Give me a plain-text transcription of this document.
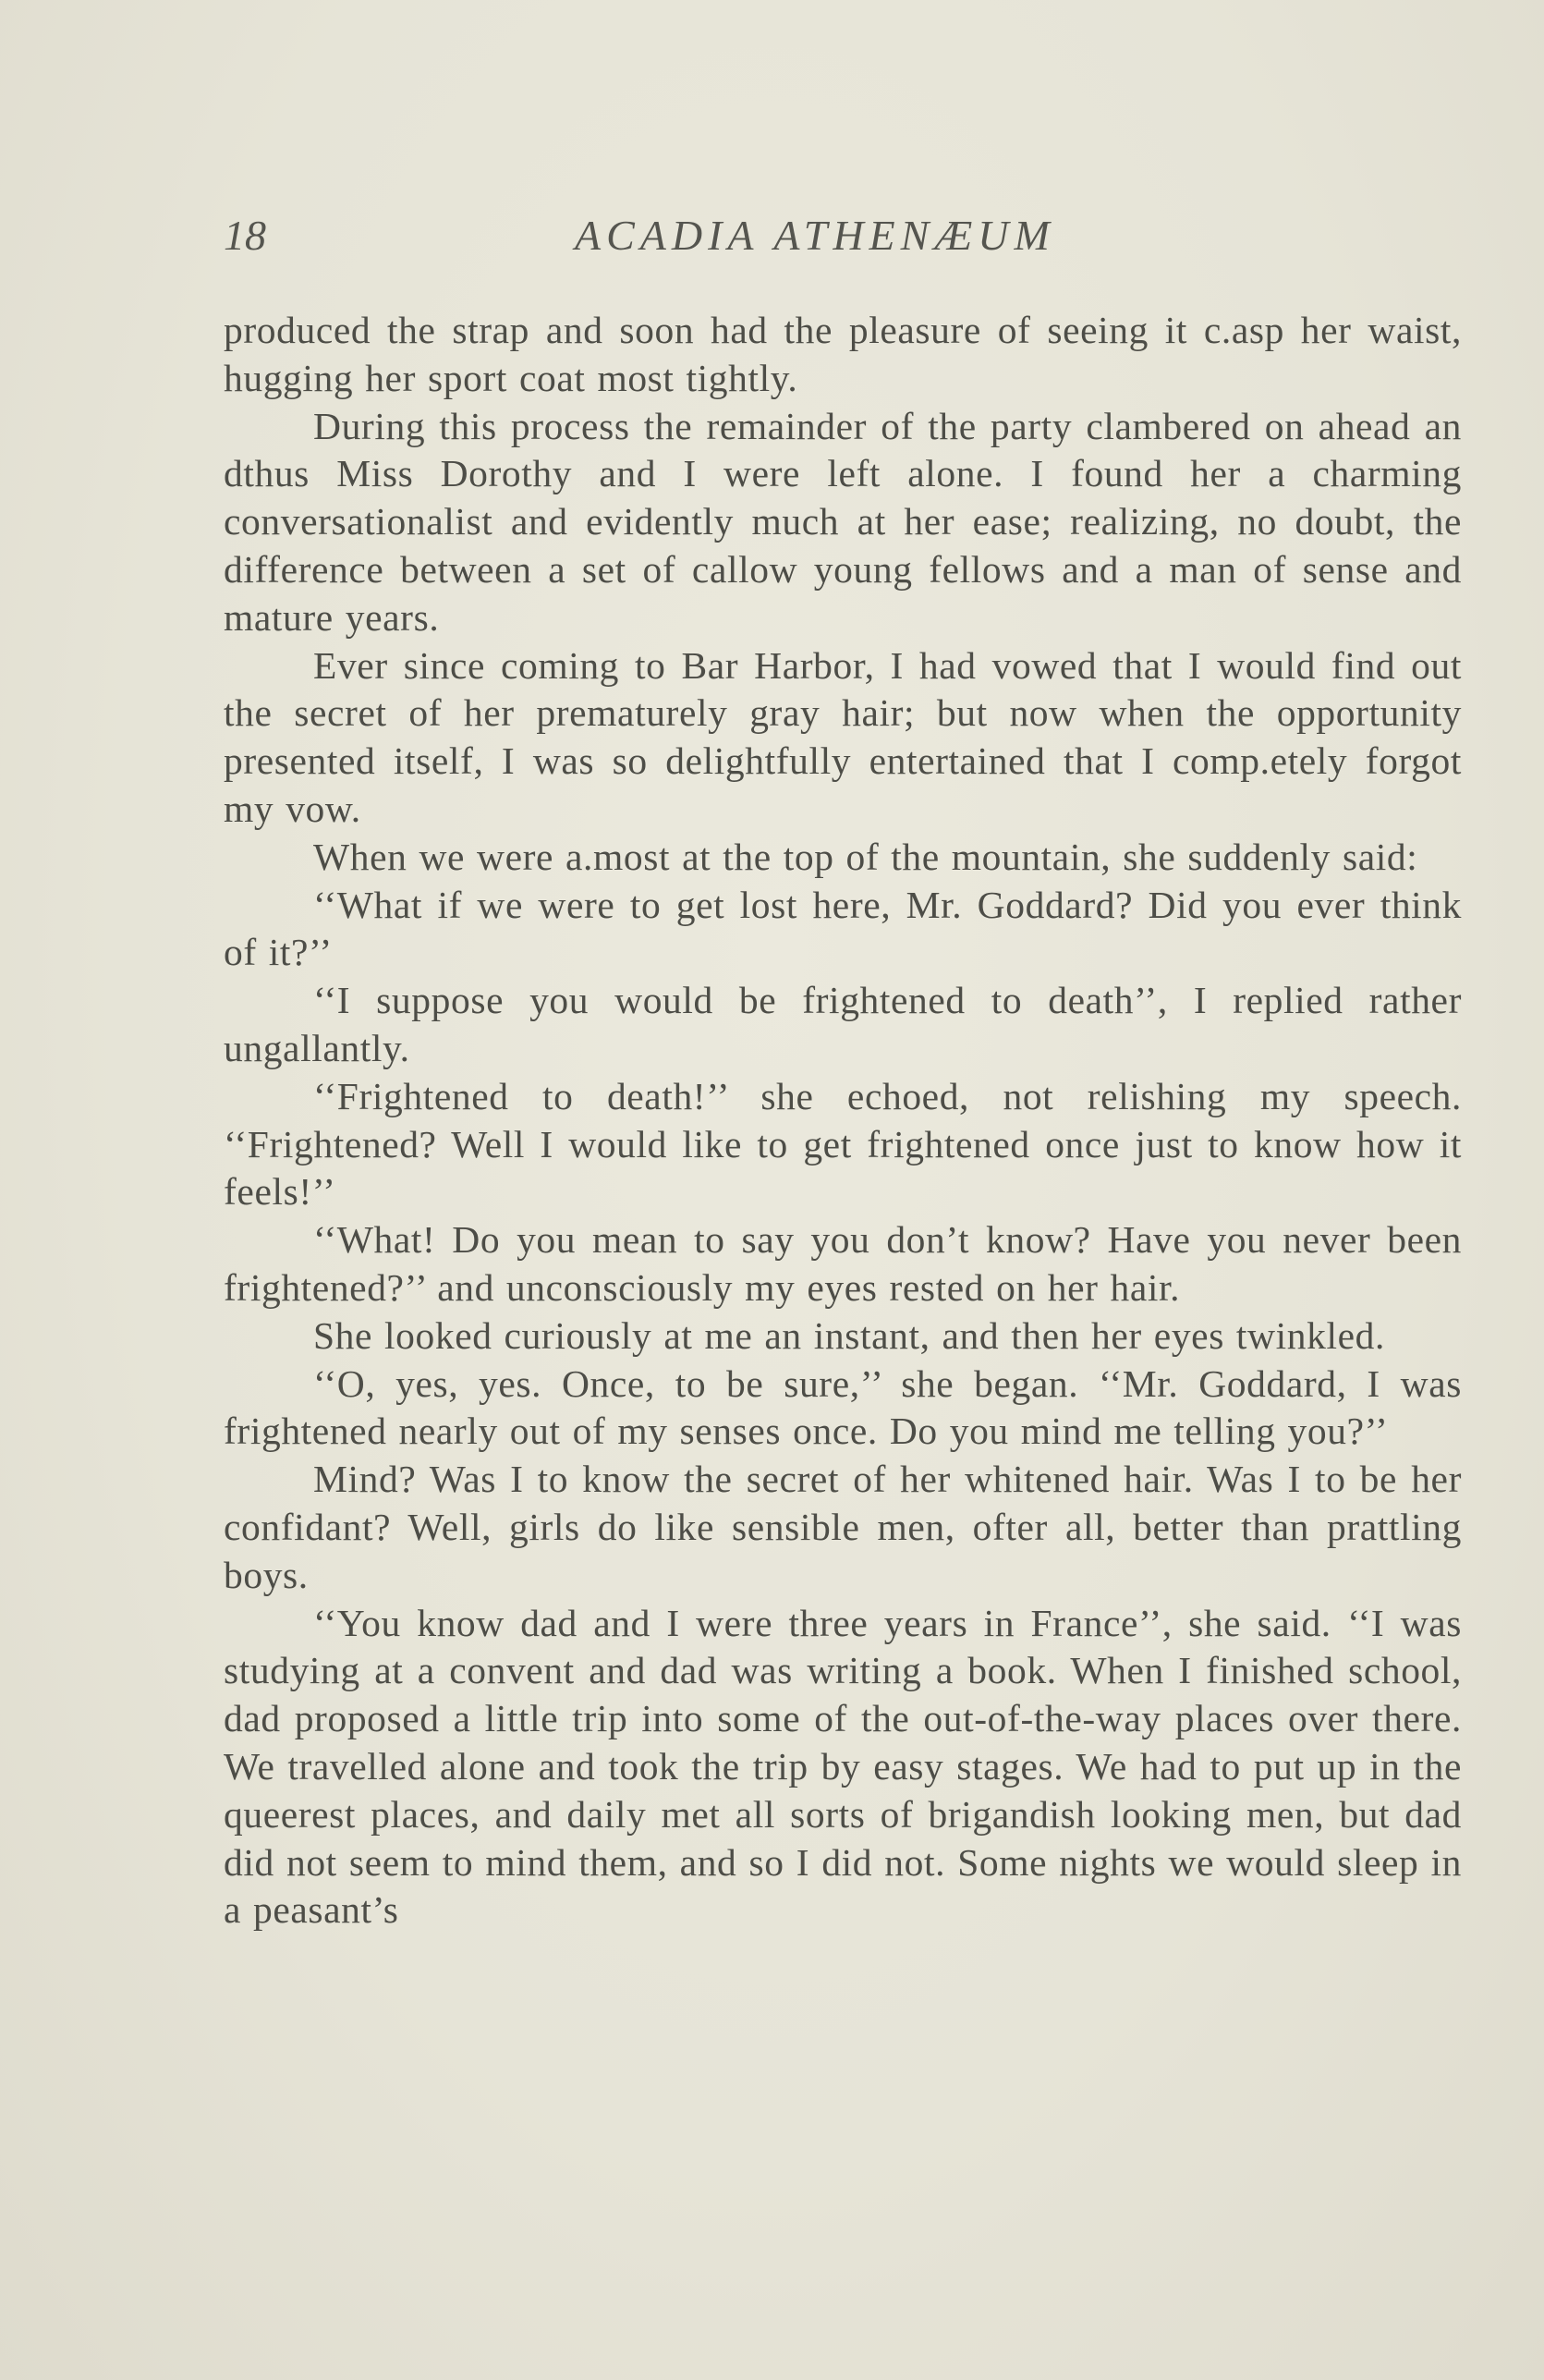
18	ACADIA ATHENÆUM

produced the strap and soon had the pleasure of seeing it c.asp her waist, hugging her sport coat most tightly.

During this process the remainder of the party clambered on ahead an dthus Miss Dorothy and I were left alone. I found her a charming conversationalist and evidently much at her ease; realizing, no doubt, the difference between a set of callow young fellows and a man of sense and mature years.

Ever since coming to Bar Harbor, I had vowed that I would find out the secret of her prematurely gray hair; but now when the opportunity presented itself, I was so delightfully entertained that I comp.etely forgot my vow.

When we were a.most at the top of the mountain, she suddenly said:

‘‘What if we were to get lost here, Mr. Goddard? Did you ever think of it?’’

‘‘I suppose you would be frightened to death’’, I replied rather ungallantly.

‘‘Frightened to death!’’ she echoed, not relishing my speech. ‘‘Frightened? Well I would like to get frightened once just to know how it feels!’’

‘‘What! Do you mean to say you don’t know? Have you never been frightened?’’ and unconsciously my eyes rested on her hair.

She looked curiously at me an instant, and then her eyes twinkled.

‘‘O, yes, yes. Once, to be sure,’’ she began. ‘‘Mr. Goddard, I was frightened nearly out of my senses once. Do you mind me telling you?’’

Mind? Was I to know the secret of her whitened hair. Was I to be her confidant? Well, girls do like sensible men, ofter all, better than prattling boys.

‘‘You know dad and I were three years in France’’, she said. ‘‘I was studying at a convent and dad was writing a book. When I finished school, dad proposed a little trip into some of the out-of-the-way places over there. We travelled alone and took the trip by easy stages. We had to put up in the queerest places, and daily met all sorts of brigandish looking men, but dad did not seem to mind them, and so I did not. Some nights we would sleep in a peasant’s
